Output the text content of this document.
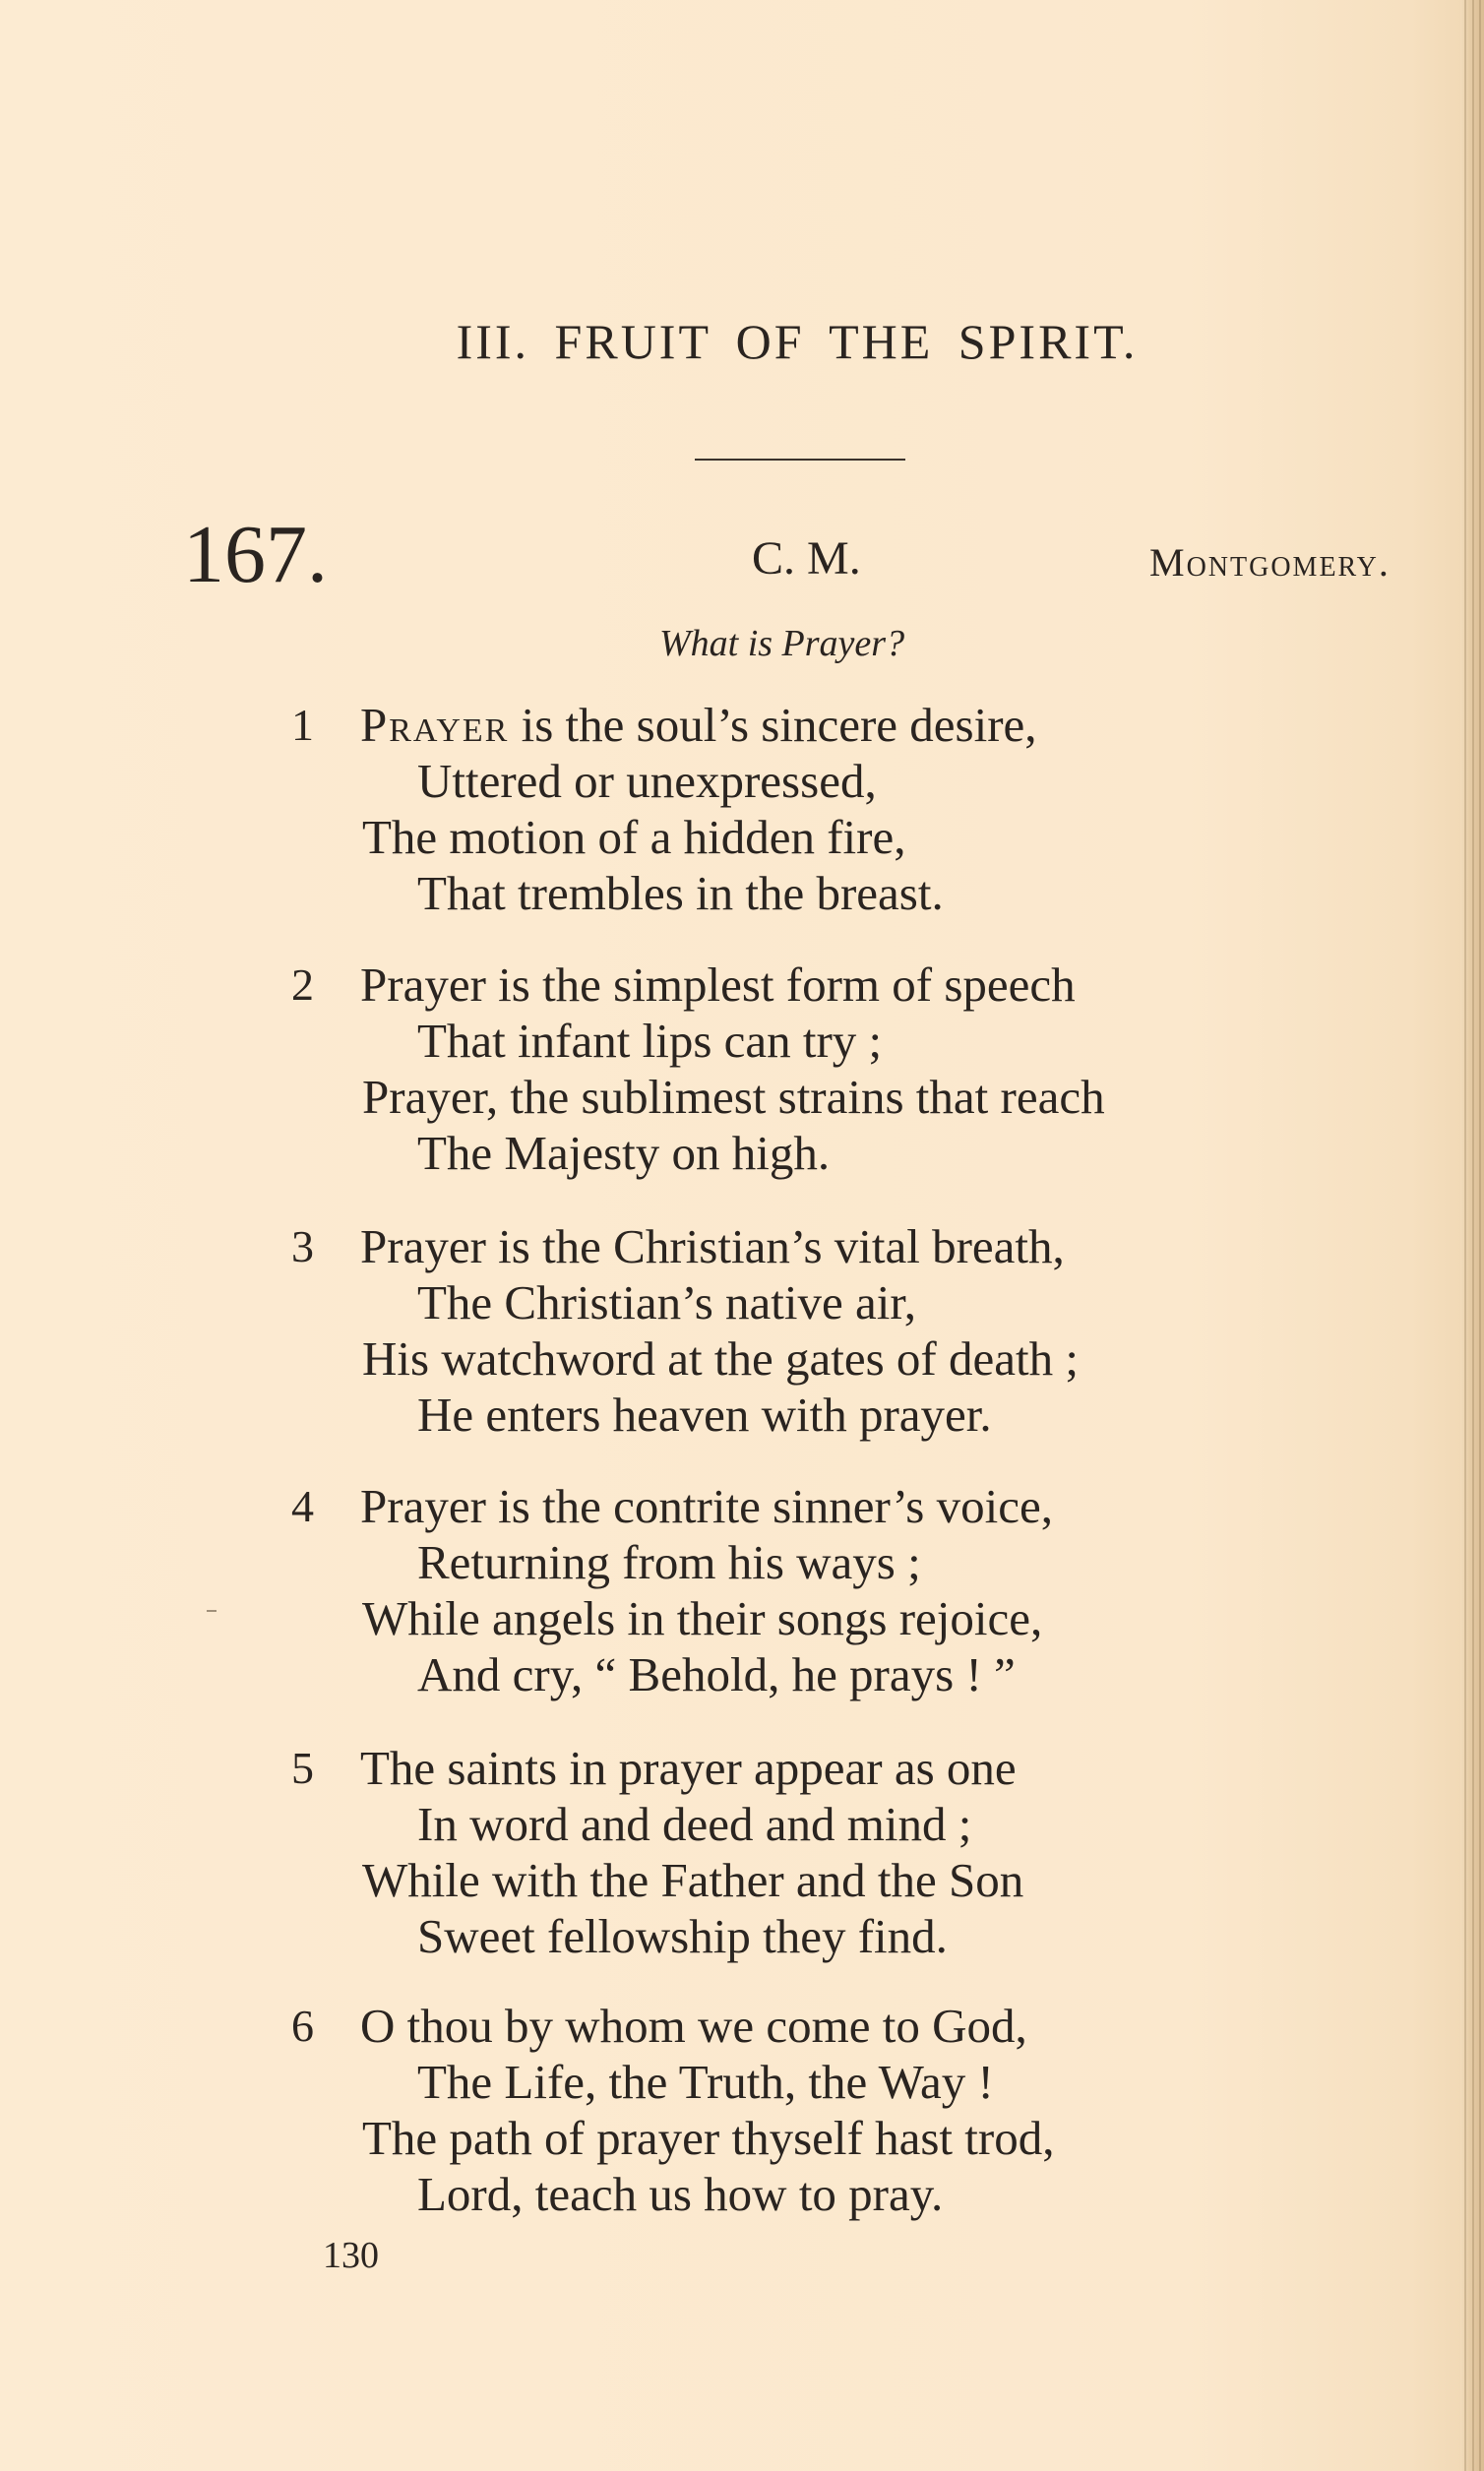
III. FRUIT OF THE SPIRIT.
167.	C. M.	Montgomery.
What is Prayer?
1 Prayer is the soul’s sincere desire,
Uttered or unexpressed,
The motion of a hidden fire,
That trembles in the breast.
2 Prayer is the simplest form of speech
That infant lips can try ;
Prayer, the sublimest strains that reach
The Majesty on high.
3 Prayer is the Christian’s vital breath,
The Christian’s native air,
His watchword at the gates of death ;
He enters heaven with prayer.
4 Prayer is the contrite sinner’s voice,
Returning from his ways ;
While angels in their songs rejoice,
And cry, “ Behold, he prays ! ”
5 The saints in prayer appear as one
In word and deed and mind ;
While with the Father and the Son
Sweet fellowship they find.
6 O thou by whom we come to God,
The Life, the Truth, the Way !
The path of prayer thyself hast trod,
Lord, teach us how to pray.
130
